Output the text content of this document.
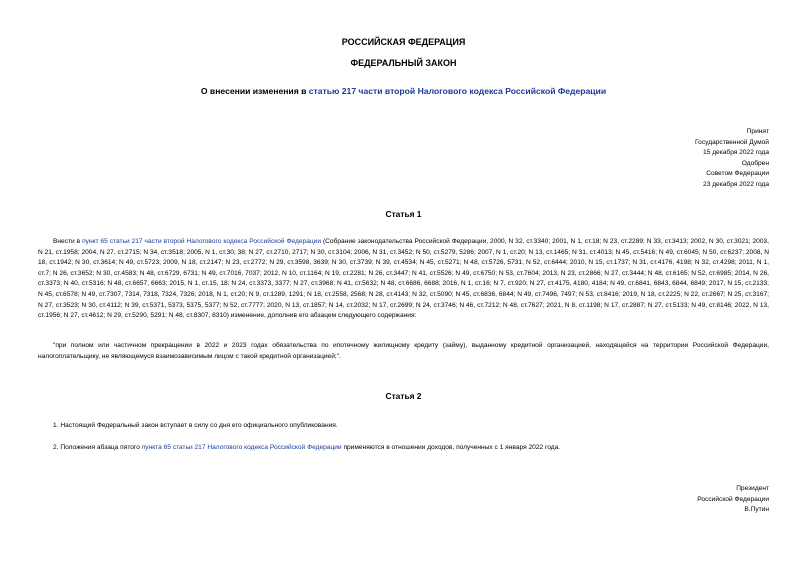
РОССИЙСКАЯ ФЕДЕРАЦИЯ
ФЕДЕРАЛЬНЫЙ ЗАКОН
О внесении изменения в статью 217 части второй Налогового кодекса Российской Федерации
Принят
Государственной Думой
15 декабря 2022 года
Одобрен
Советом Федерации
23 декабря 2022 года
Статья 1
Внести в пункт 65 статьи 217 части второй Налогового кодекса Российской Федерации (Собрание законодательства Российской Федерации, 2000, N 32, ст.3340; 2001, N 1, ст.18; N 23, ст.2289; N 33, ст.3413; 2002, N 30, ст.3021; 2003, N 21, ст.1958; 2004, N 27, ст.2715; N 34, ст.3518; 2005, N 1, ст.30, 38; N 27, ст.2710, 2717; N 30, ст.3104; 2006, N 31, ст.3452; N 50, ст.5279, 5286; 2007, N 1, ст.20; N 13, ст.1465; N 31, ст.4013; N 45, ст.5416; N 49, ст.6045; N 50, ст.6237; 2008, N 18, ст.1942; N 30, ст.3614; N 49, ст.5723; 2009, N 18, ст.2147; N 23, ст.2772; N 29, ст.3598, 3639; N 30, ст.3739; N 39, ст.4534; N 45, ст.5271; N 48, ст.5726, 5731; N 52, ст.6444; 2010, N 15, ст.1737; N 31, ст.4176, 4198; N 32, ст.4298; 2011, N 1, ст.7; N 26, ст.3652; N 30, ст.4583; N 48, ст.6729, 6731; N 49, ст.7016, 7037; 2012, N 10, ст.1164; N 19, ст.2281; N 26, ст.3447; N 41, ст.5526; N 49, ст.6750; N 53, ст.7604; 2013, N 23, ст.2866; N 27, ст.3444; N 48, ст.6165; N 52, ст.6985; 2014, N 26, ст.3373; N 40, ст.5316; N 48, ст.6657, 6663; 2015, N 1, ст.15, 18; N 24, ст.3373, 3377; N 27, ст.3968; N 41, ст.5632; N 48, ст.6686, 6688; 2016, N 1, ст.16; N 7, ст.920; N 27, ст.4175, 4180, 4184; N 49, ст.6841, 6843, 6844, 6849; 2017, N 15, ст.2133; N 45, ст.6578; N 49, ст.7307, 7314, 7318, 7324, 7326; 2018, N 1, ст.20; N 9, ст.1289, 1291; N 18, ст.2558, 2568; N 28, ст.4143; N 32, ст.5090; N 45, ст.6836, 6844; N 49, ст.7496, 7497; N 53, ст.8416; 2019, N 18, ст.2225; N 22, ст.2667; N 25, ст.3167; N 27, ст.3523; N 30, ст.4112; N 39, ст.5371, 5373, 5375, 5377; N 52, ст.7777; 2020, N 13, ст.1857; N 14, ст.2032; N 17, ст.2699; N 24, ст.3746; N 46, ст.7212; N 48, ст.7627; 2021, N 8, ст.1198; N 17, ст.2887; N 27, ст.5133; N 49, ст.8146; 2022, N 13, ст.1956; N 27, ст.4612; N 29, ст.5290, 5291; N 48, ст.8307, 8310) изменение, дополнив его абзацем следующего содержания:
"при полном или частичном прекращении в 2022 и 2023 годах обязательства по ипотечному жилищному кредиту (займу), выданному кредитной организацией, находящейся на территории Российской Федерации, налогоплательщику, не являющемуся взаимозависимым лицом с такой кредитной организацией;".
Статья 2
1. Настоящий Федеральный закон вступает в силу со дня его официального опубликования.
2. Положения абзаца пятого пункта 65 статьи 217 Налогового кодекса Российской Федерации применяются в отношении доходов, полученных с 1 января 2022 года.
Президент
Российской Федерации
В.Путин
